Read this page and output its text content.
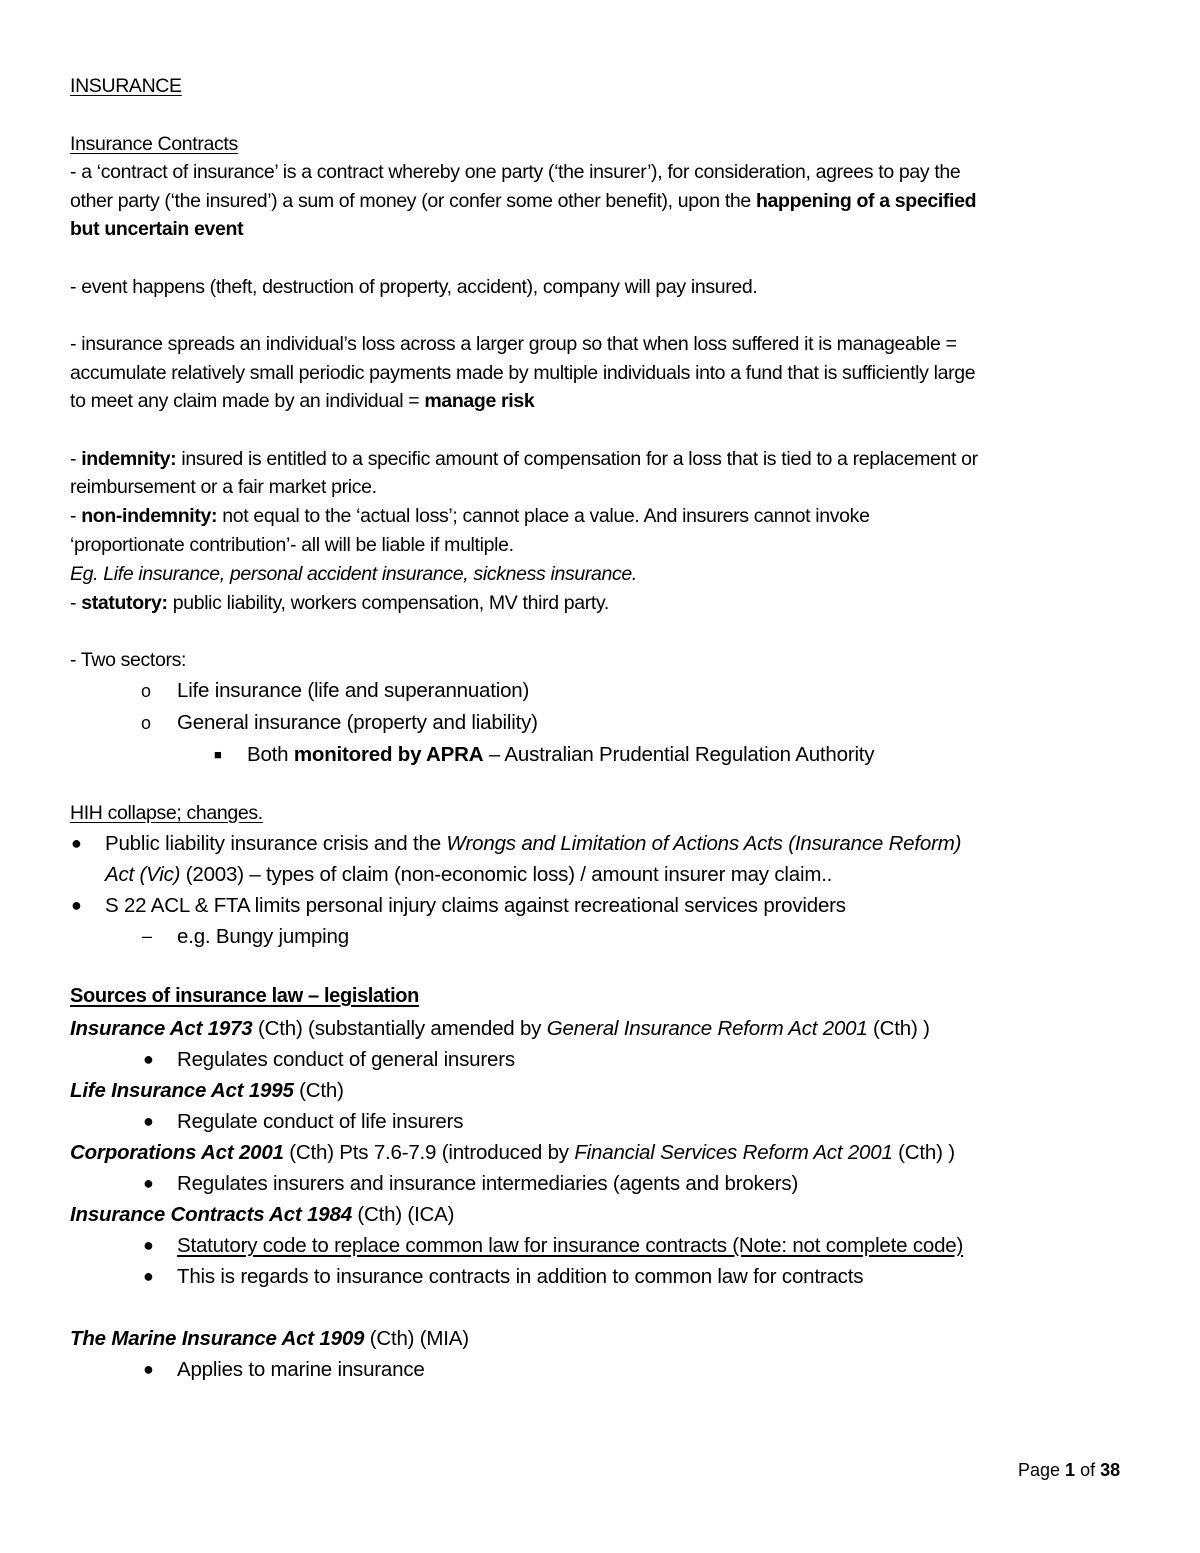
INSURANCE
Insurance Contracts
- a ‘contract of insurance’ is a contract whereby one party (‘the insurer’), for consideration, agrees to pay the
other party (‘the insured’) a sum of money (or confer some other benefit), upon the happening of a specified
but uncertain event
- event happens (theft, destruction of property, accident), company will pay insured.
- insurance spreads an individual’s loss across a larger group so that when loss suffered it is manageable =
accumulate relatively small periodic payments made by multiple individuals into a fund that is sufficiently large
to meet any claim made by an individual = manage risk
- indemnity: insured is entitled to a specific amount of compensation for a loss that is tied to a replacement or
reimbursement or a fair market price.
- non-indemnity: not equal to the ‘actual loss’; cannot place a value. And insurers cannot invoke
‘proportionate contribution’- all will be liable if multiple.
Eg. Life insurance, personal accident insurance, sickness insurance.
- statutory: public liability, workers compensation, MV third party.
- Two sectors:
o Life insurance (life and superannuation)
o General insurance (property and liability)
■ Both monitored by APRA – Australian Prudential Regulation Authority
HIH collapse; changes.
● Public liability insurance crisis and the Wrongs and Limitation of Actions Acts (Insurance Reform)
Act (Vic) (2003) – types of claim (non-economic loss) / amount insurer may claim..
● S 22 ACL & FTA limits personal injury claims against recreational services providers
– e.g. Bungy jumping
Sources of insurance law – legislation
Insurance Act 1973 (Cth) (substantially amended by General Insurance Reform Act 2001 (Cth) )
● Regulates conduct of general insurers
Life Insurance Act 1995 (Cth)
● Regulate conduct of life insurers
Corporations Act 2001 (Cth) Pts 7.6-7.9 (introduced by Financial Services Reform Act 2001 (Cth) )
● Regulates insurers and insurance intermediaries (agents and brokers)
Insurance Contracts Act 1984 (Cth) (ICA)
● Statutory code to replace common law for insurance contracts (Note: not complete code)
● This is regards to insurance contracts in addition to common law for contracts
The Marine Insurance Act 1909 (Cth) (MIA)
● Applies to marine insurance
Page 1 of 38
